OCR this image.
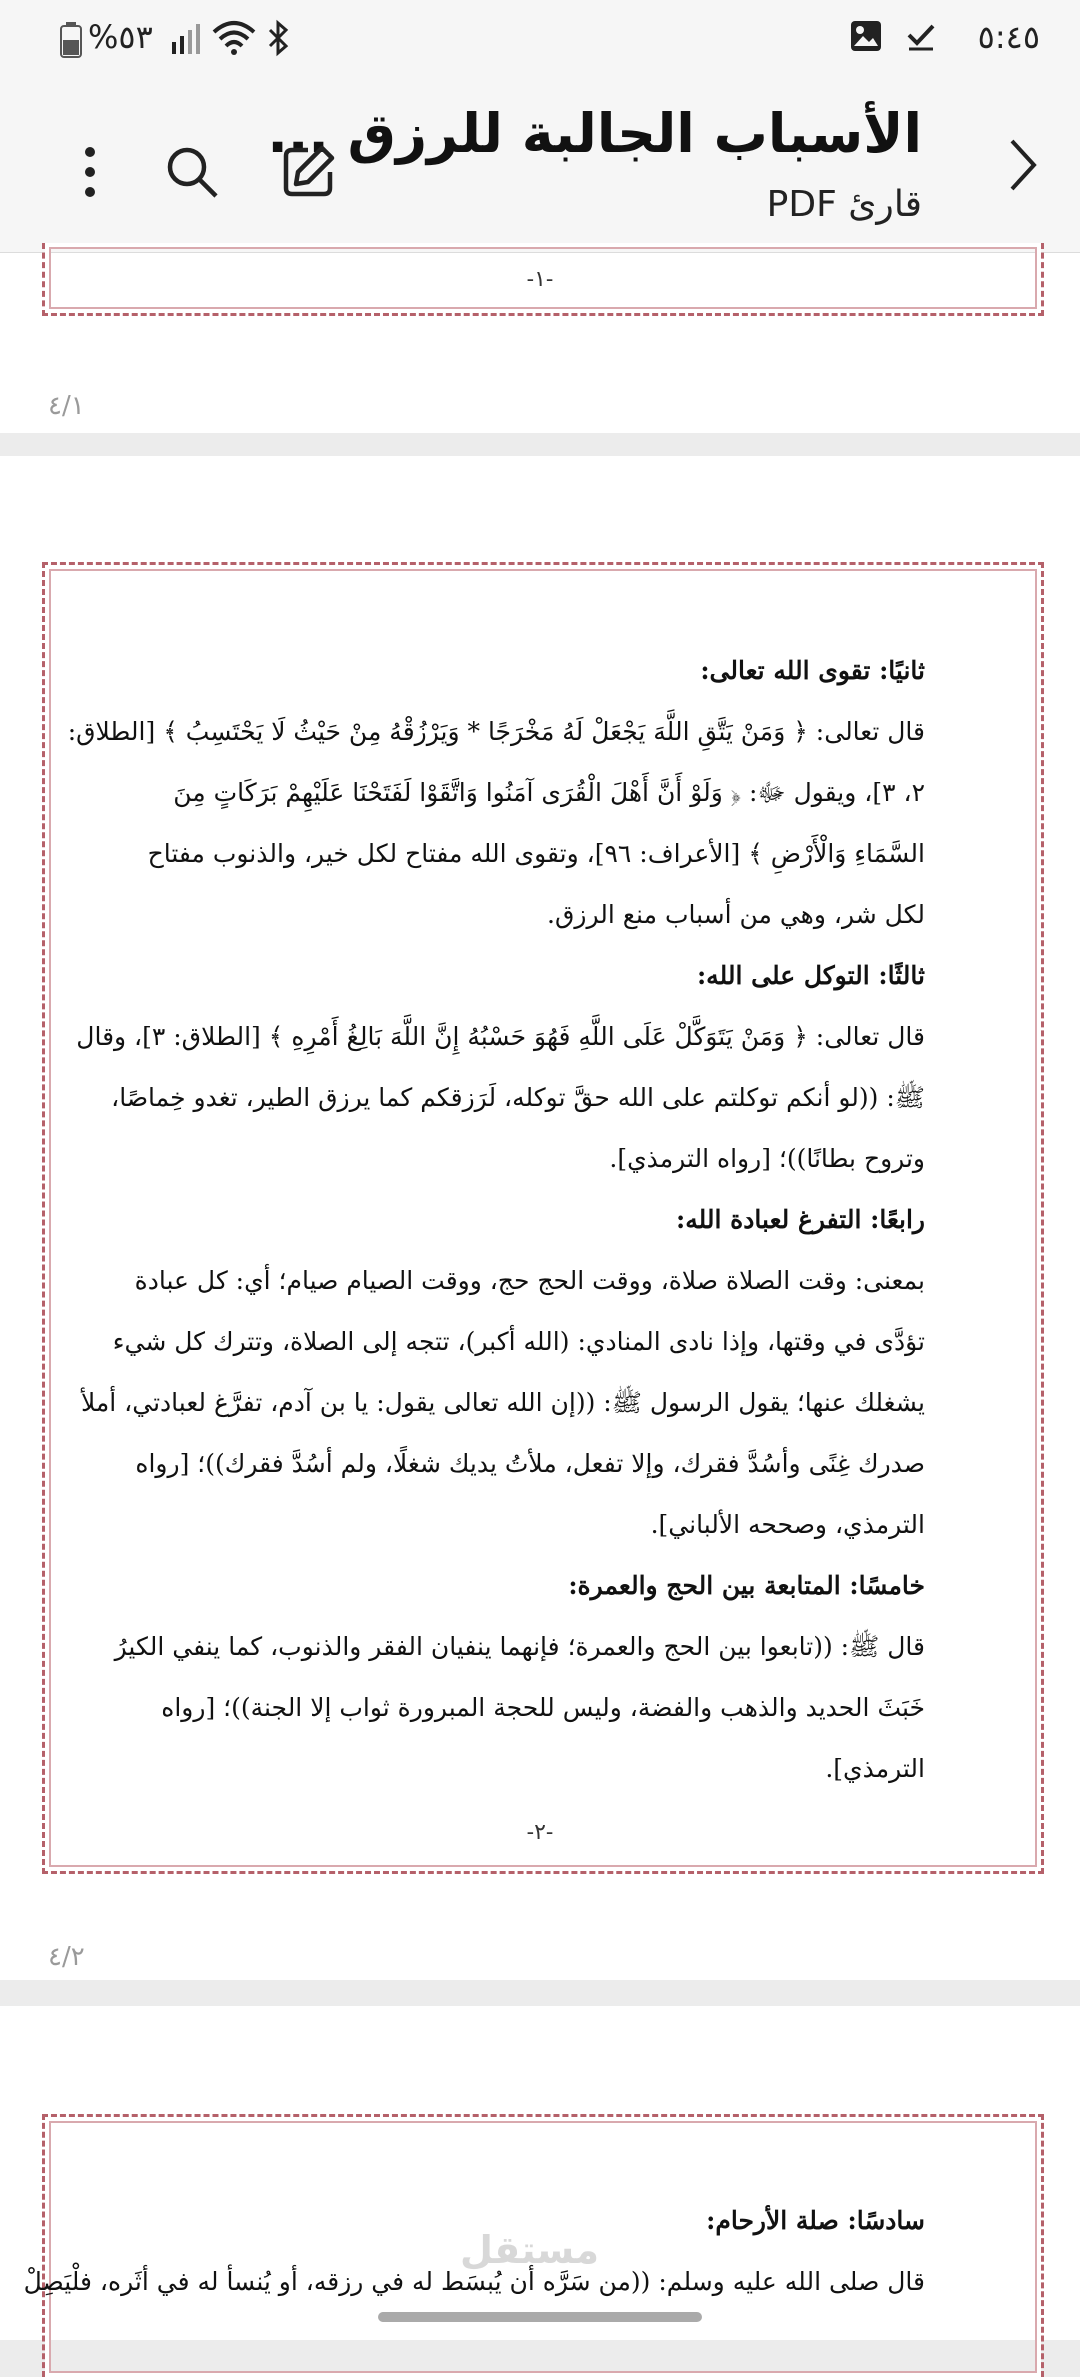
٥:٤٥
%٥٣
الأسباب الجالبة للرزق ...
قارئ PDF
-١-
٤/١
ثانيًا: تقوى الله تعالى:
قال تعالى: ﴿ وَمَنْ يَتَّقِ اللَّهَ يَجْعَلْ لَهُ مَخْرَجًا * وَيَرْزُقْهُ مِنْ حَيْثُ لَا يَحْتَسِبُ ﴾ [الطلاق:
٢، ٣]، ويقول ﷻ: ﴿ وَلَوْ أَنَّ أَهْلَ الْقُرَى آمَنُوا وَاتَّقَوْا لَفَتَحْنَا عَلَيْهِمْ بَرَكَاتٍ مِنَ
السَّمَاءِ وَالْأَرْضِ ﴾ [الأعراف: ٩٦]، وتقوى الله مفتاح لكل خير، والذنوب مفتاح
لكل شر، وهي من أسباب منع الرزق.
ثالثًا: التوكل على الله:
قال تعالى: ﴿ وَمَنْ يَتَوَكَّلْ عَلَى اللَّهِ فَهُوَ حَسْبُهُ إِنَّ اللَّهَ بَالِغُ أَمْرِهِ ﴾ [الطلاق: ٣]، وقال
ﷺ: ((لو أنكم توكلتم على الله حقَّ توكله، لَرَزقكم كما يرزق الطير، تغدو خِماصًا،
وتروح بطانًا))؛ [رواه الترمذي].
رابعًا: التفرغ لعبادة الله:
بمعنى: وقت الصلاة صلاة، ووقت الحج حج، ووقت الصيام صيام؛ أي: كل عبادة
تؤدَّى في وقتها، وإذا نادى المنادي: (الله أكبر)، تتجه إلى الصلاة، وتترك كل شيء
يشغلك عنها؛ يقول الرسول ﷺ: ((إن الله تعالى يقول: يا بن آدم، تفرَّغ لعبادتي، أملأ
صدرك غِنًى وأسُدَّ فقرك، وإلا تفعل، ملأتُ يديك شغلًا، ولم أسُدَّ فقرك))؛ [رواه
الترمذي، وصححه الألباني].
خامسًا: المتابعة بين الحج والعمرة:
قال ﷺ: ((تابعوا بين الحج والعمرة؛ فإنهما ينفيان الفقر والذنوب، كما ينفي الكيرُ
خَبَثَ الحديد والذهب والفضة، وليس للحجة المبرورة ثواب إلا الجنة))؛ [رواه
الترمذي].
-٢-
٤/٢
سادسًا: صلة الأرحام:
قال صلى الله عليه وسلم: ((من سَرَّه أن يُبسَط له في رزقه، أو يُنسأ له في أثَره، فلْيَصِلْ
مستقل
